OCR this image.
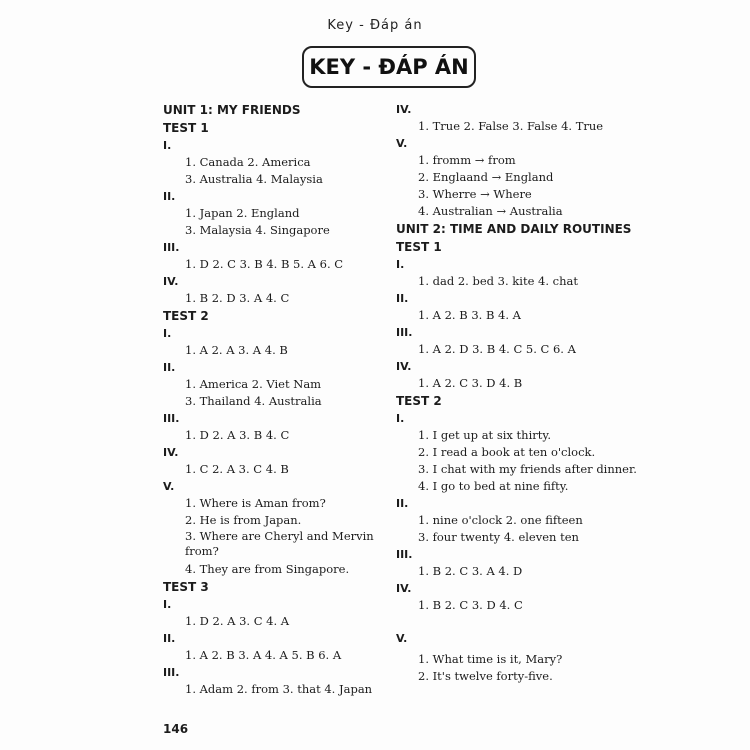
Key - Đáp án
KEY - ĐÁP ÁN
UNIT 1: MY FRIENDS
TEST 1
I.
1. Canada 2. America
3. Australia 4. Malaysia
II.
1. Japan 2. England
3. Malaysia 4. Singapore
III.
1. D 2. C 3. B 4. B 5. A 6. C
IV.
1. B 2. D 3. A 4. C
TEST 2
I.
1. A 2. A 3. A 4. B
II.
1. America 2. Viet Nam
3. Thailand 4. Australia
III.
1. D 2. A 3. B 4. C
IV.
1. C 2. A 3. C 4. B
V.
1. Where is Aman from?
2. He is from Japan.
3. Where are Cheryl and Mervin from?
4. They are from Singapore.
TEST 3
I.
1. D 2. A 3. C 4. A
II.
1. A 2. B 3. A 4. A 5. B 6. A
III.
1. Adam 2. from 3. that 4. Japan
IV.
1. True 2. False 3. False 4. True
V.
1. fromm → from
2. Englaand → England
3. Wherre → Where
4. Australian → Australia
UNIT 2: TIME AND DAILY ROUTINES
TEST 1
I.
1. dad 2. bed 3. kite 4. chat
II.
1. A 2. B 3. B 4. A
III.
1. A 2. D 3. B 4. C 5. C 6. A
IV.
1. A 2. C 3. D 4. B
TEST 2
I.
1. I get up at six thirty.
2. I read a book at ten o'clock.
3. I chat with my friends after dinner.
4. I go to bed at nine fifty.
II.
1. nine o'clock 2. one fifteen
3. four twenty 4. eleven ten
III.
1. B 2. C 3. A 4. D
IV.
1. B 2. C 3. D 4. C
V.
1. What time is it, Mary?
2. It's twelve forty-five.
146
